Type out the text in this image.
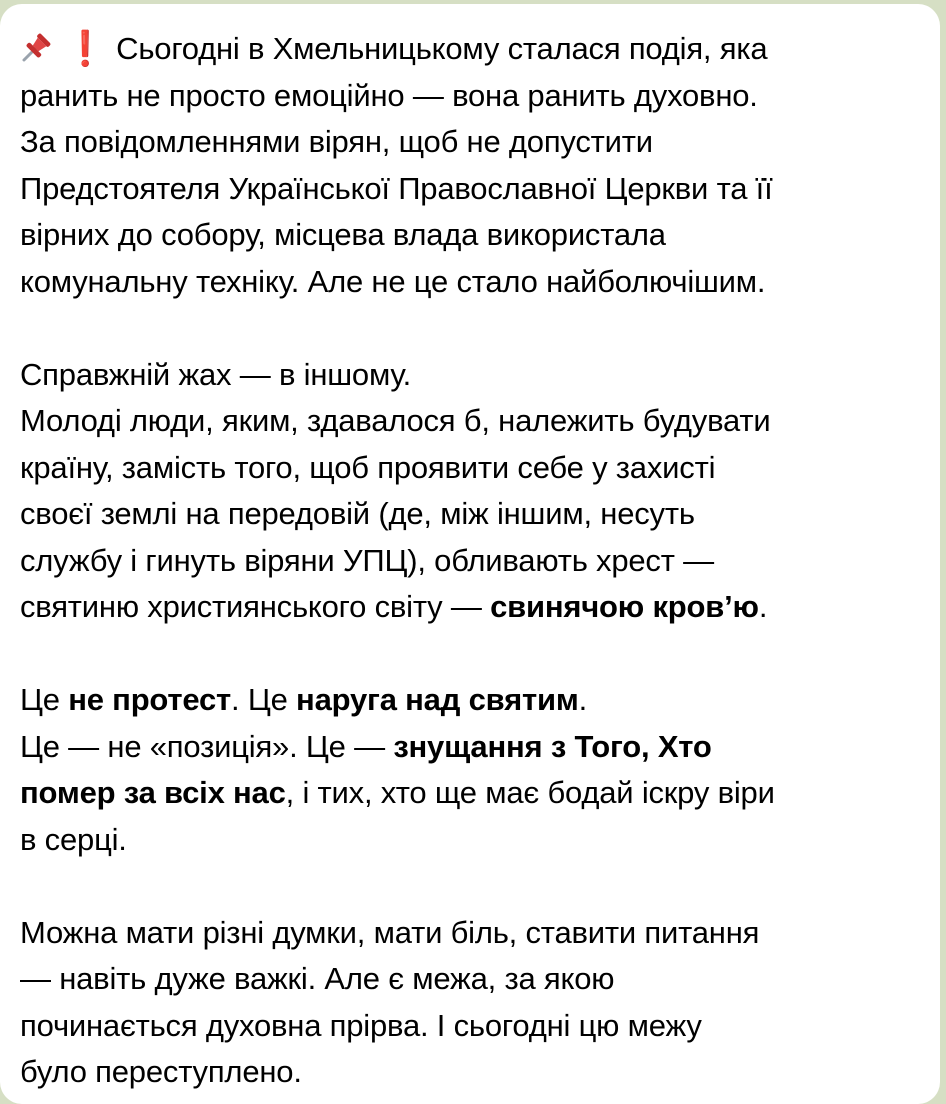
❗ Сьогодні в Хмельницькому сталася подія, яка
ранить не просто емоційно — вона ранить духовно.
За повідомленнями вірян, щоб не допустити
Предстоятеля Української Православної Церкви та її
вірних до собору, місцева влада використала
комунальну техніку. Але не це стало найболючішим.
Справжній жах — в іншому.
Молоді люди, яким, здавалося б, належить будувати
країну, замість того, щоб проявити себе у захисті
своєї землі на передовій (де, між іншим, несуть
службу і гинуть віряни УПЦ), обливають хрест —
святиню християнського світу — свинячою кров’ю.
Це не протест. Це наруга над святим.
Це — не «позиція». Це — знущання з Того, Хто
помер за всіх нас, і тих, хто ще має бодай іскру віри
в серці.
Можна мати різні думки, мати біль, ставити питання
— навіть дуже важкі. Але є межа, за якою
починається духовна прірва. І сьогодні цю межу
було переступлено.
